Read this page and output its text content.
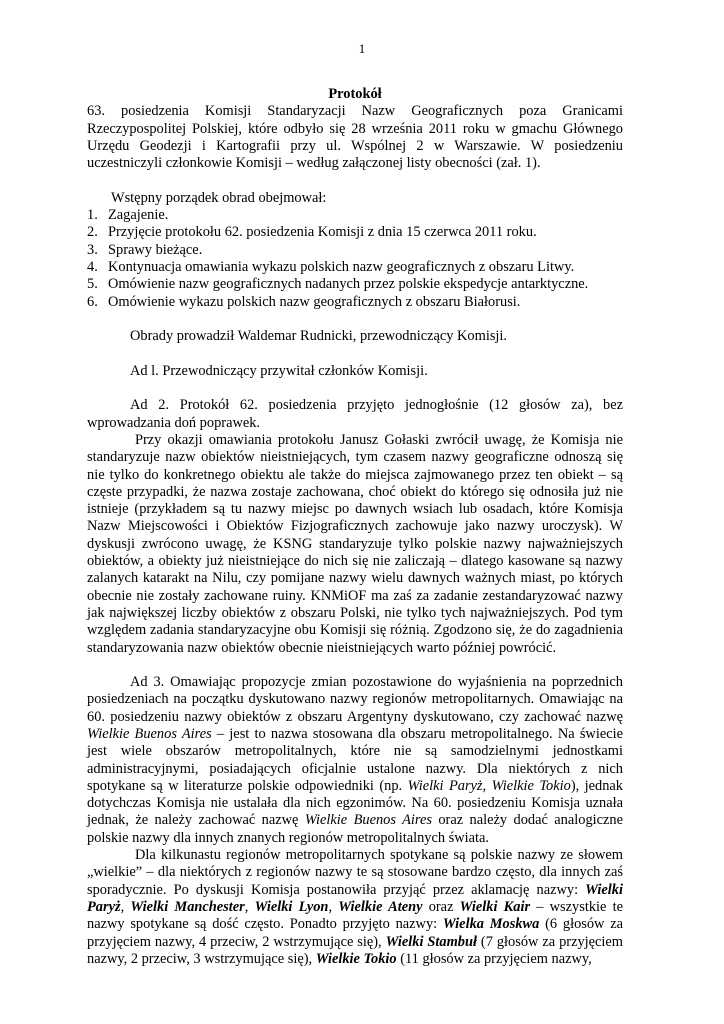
1

Protokół

63. posiedzenia Komisji Standaryzacji Nazw Geograficznych poza Granicami Rzeczypospolitej Polskiej, które odbyło się 28 września 2011 roku w gmachu Głównego Urzędu Geodezji i Kartografii przy ul. Wspólnej 2 w Warszawie. W posiedzeniu uczestniczyli członkowie Komisji – według załączonej listy obecności (zał. 1).

Wstępny porządek obrad obejmował:

1. Zagajenie.
2. Przyjęcie protokołu 62. posiedzenia Komisji z dnia 15 czerwca 2011 roku.
3. Sprawy bieżące.
4. Kontynuacja omawiania wykazu polskich nazw geograficznych z obszaru Litwy.
5. Omówienie nazw geograficznych nadanych przez polskie ekspedycje antarktyczne.
6. Omówienie wykazu polskich nazw geograficznych z obszaru Białorusi.

Obrady prowadził Waldemar Rudnicki, przewodniczący Komisji.

Ad l. Przewodniczący przywitał członków Komisji.

Ad 2. Protokół 62. posiedzenia przyjęto jednogłośnie (12 głosów za), bez wprowadzania doń poprawek.

Przy okazji omawiania protokołu Janusz Gołaski zwrócił uwagę, że Komisja nie standaryzuje nazw obiektów nieistniejących, tym czasem nazwy geograficzne odnoszą się nie tylko do konkretnego obiektu ale także do miejsca zajmowanego przez ten obiekt – są częste przypadki, że nazwa zostaje zachowana, choć obiekt do którego się odnosiła już nie istnieje (przykładem są tu nazwy miejsc po dawnych wsiach lub osadach, które Komisja Nazw Miejscowości i Obiektów Fizjograficznych zachowuje jako nazwy uroczysk). W dyskusji zwrócono uwagę, że KSNG standaryzuje tylko polskie nazwy najważniejszych obiektów, a obiekty już nieistniejące do nich się nie zaliczają – dlatego kasowane są nazwy zalanych katarakt na Nilu, czy pomijane nazwy wielu dawnych ważnych miast, po których obecnie nie zostały zachowane ruiny. KNMiOF ma zaś za zadanie zestandaryzować nazwy jak największej liczby obiektów z obszaru Polski, nie tylko tych najważniejszych. Pod tym względem zadania standaryzacyjne obu Komisji się różnią. Zgodzono się, że do zagadnienia standaryzowania nazw obiektów obecnie nieistniejących warto później powrócić.

Ad 3. Omawiając propozycje zmian pozostawione do wyjaśnienia na poprzednich posiedzeniach na początku dyskutowano nazwy regionów metropolitarnych. Omawiając na 60. posiedzeniu nazwy obiektów z obszaru Argentyny dyskutowano, czy zachować nazwę Wielkie Buenos Aires – jest to nazwa stosowana dla obszaru metropolitalnego. Na świecie jest wiele obszarów metropolitalnych, które nie są samodzielnymi jednostkami administracyjnymi, posiadających oficjalnie ustalone nazwy. Dla niektórych z nich spotykane są w literaturze polskie odpowiedniki (np. Wielki Paryż, Wielkie Tokio), jednak dotychczas Komisja nie ustalała dla nich egzonimów. Na 60. posiedzeniu Komisja uznała jednak, że należy zachować nazwę Wielkie Buenos Aires oraz należy dodać analogiczne polskie nazwy dla innych znanych regionów metropolitalnych świata.

Dla kilkunastu regionów metropolitarnych spotykane są polskie nazwy ze słowem „wielkie” – dla niektórych z regionów nazwy te są stosowane bardzo często, dla innych zaś sporadycznie. Po dyskusji Komisja postanowiła przyjąć przez aklamację nazwy: Wielki Paryż, Wielki Manchester, Wielki Lyon, Wielkie Ateny oraz Wielki Kair – wszystkie te nazwy spotykane są dość często. Ponadto przyjęto nazwy: Wielka Moskwa (6 głosów za przyjęciem nazwy, 4 przeciw, 2 wstrzymujące się), Wielki Stambuł (7 głosów za przyjęciem nazwy, 2 przeciw, 3 wstrzymujące się), Wielkie Tokio (11 głosów za przyjęciem nazwy,
